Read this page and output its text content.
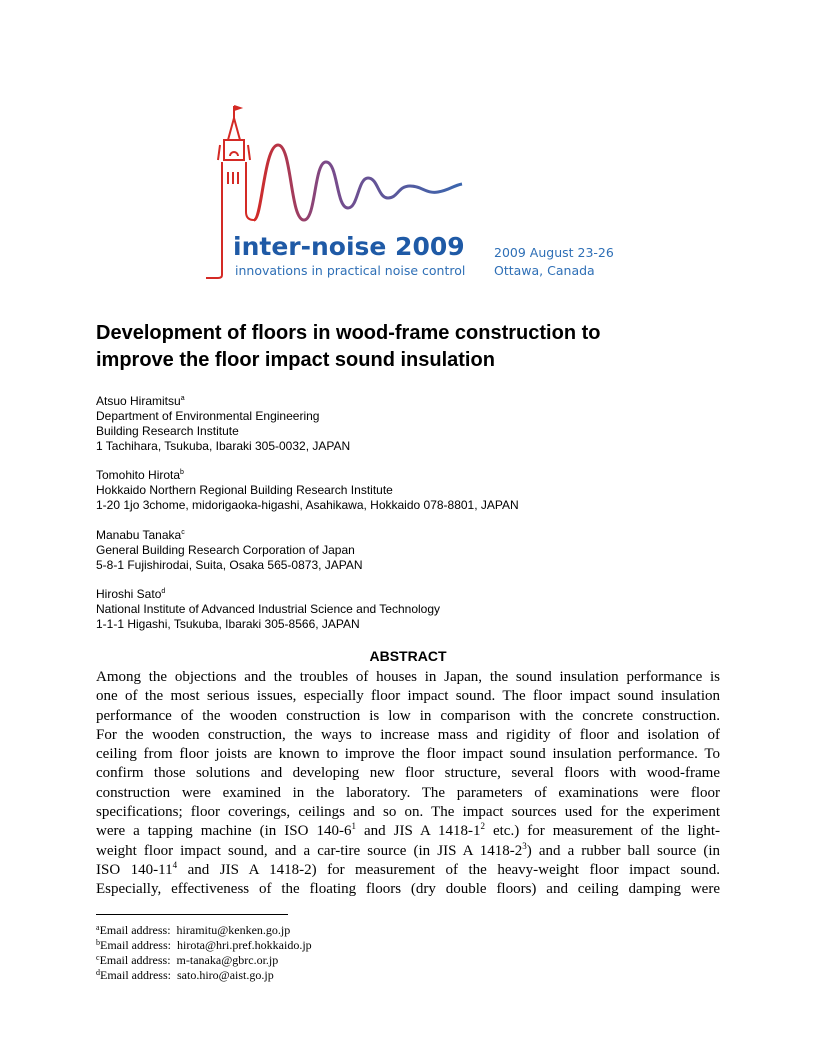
inter-noise 2009
innovations in practical noise control
2009 August 23-26
Ottawa, Canada
Development of floors in wood-frame construction to
improve the floor impact sound insulation
Atsuo Hiramitsu$^a$
Department of Environmental Engineering
Building Research Institute
1 Tachihara, Tsukuba, Ibaraki 305-0032, JAPAN
Tomohito Hirota$^b$
Hokkaido Northern Regional Building Research Institute
1-20 1jo 3chome, midorigaoka-higashi, Asahikawa, Hokkaido 078-8801, JAPAN
Manabu Tanaka$^c$
General Building Research Corporation of Japan
5-8-1 Fujishirodai, Suita, Osaka 565-0873, JAPAN
Hiroshi Sato$^d$
National Institute of Advanced Industrial Science and Technology
1-1-1 Higashi, Tsukuba, Ibaraki 305-8566, JAPAN
ABSTRACT
Among the objections and the troubles of houses in Japan, the sound insulation performance is
one of the most serious issues, especially floor impact sound. The floor impact sound insulation
performance of the wooden construction is low in comparison with the concrete construction.
For the wooden construction, the ways to increase mass and rigidity of floor and isolation of
ceiling from floor joists are known to improve the floor impact sound insulation performance. To
confirm those solutions and developing new floor structure, several floors with wood-frame
construction were examined in the laboratory. The parameters of examinations were floor
specifications; floor coverings, ceilings and so on. The impact sources used for the experiment
were a tapping machine (in ISO $140-6^1$ and JIS A $1418-1^2$ etc.) for measurement of the light-
weight floor impact sound, and a car-tire source (in JIS A $1418-2^3$) and a rubber ball source (in
ISO $140-11^4$ and JIS A 1418-2) for measurement of the heavy-weight floor impact sound.
Especially, effectiveness of the floating floors (dry double floors) and ceiling damping were
$^a$Email address: hiramitu@kenken.go.jp
$^b$Email address: hirota@hri.pref.hokkaido.jp
$^c$Email address: m-tanaka@gbrc.or.jp
$^d$Email address: sato.hiro@aist.go.jp
